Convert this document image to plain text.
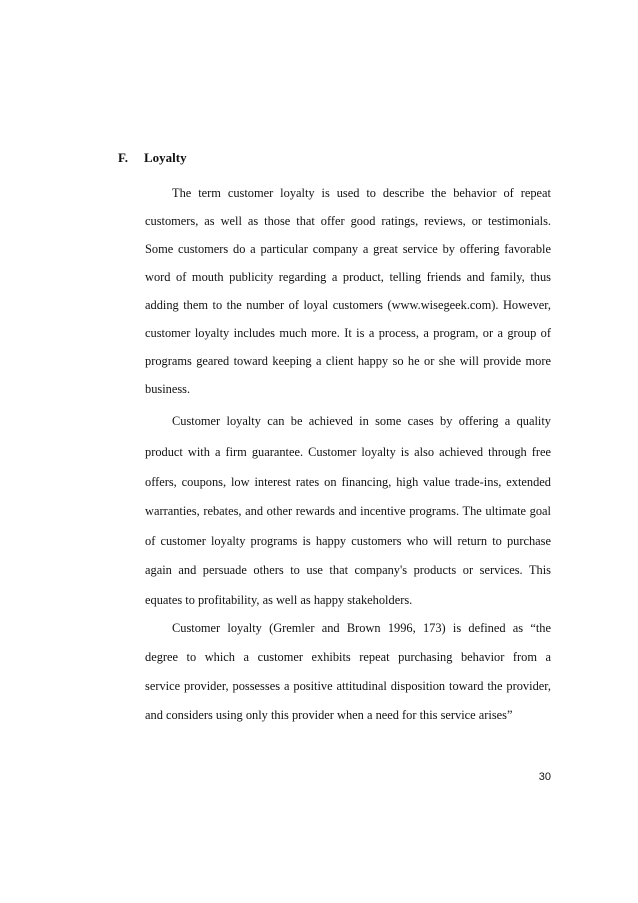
F. Loyalty
The term customer loyalty is used to describe the behavior of repeat
customers, as well as those that offer good ratings, reviews, or testimonials.
Some customers do a particular company a great service by offering favorable
word of mouth publicity regarding a product, telling friends and family, thus
adding them to the number of loyal customers (www.wisegeek.com). However,
customer loyalty includes much more. It is a process, a program, or a group of
programs geared toward keeping a client happy so he or she will provide more
business.
Customer loyalty can be achieved in some cases by offering a quality
product with a firm guarantee. Customer loyalty is also achieved through free
offers, coupons, low interest rates on financing, high value trade-ins, extended
warranties, rebates, and other rewards and incentive programs. The ultimate goal
of customer loyalty programs is happy customers who will return to purchase
again and persuade others to use that company's products or services. This
equates to profitability, as well as happy stakeholders.
Customer loyalty (Gremler and Brown 1996, 173) is defined as “the
degree to which a customer exhibits repeat purchasing behavior from a
service provider, possesses a positive attitudinal disposition toward the provider,
and considers using only this provider when a need for this service arises”
30
